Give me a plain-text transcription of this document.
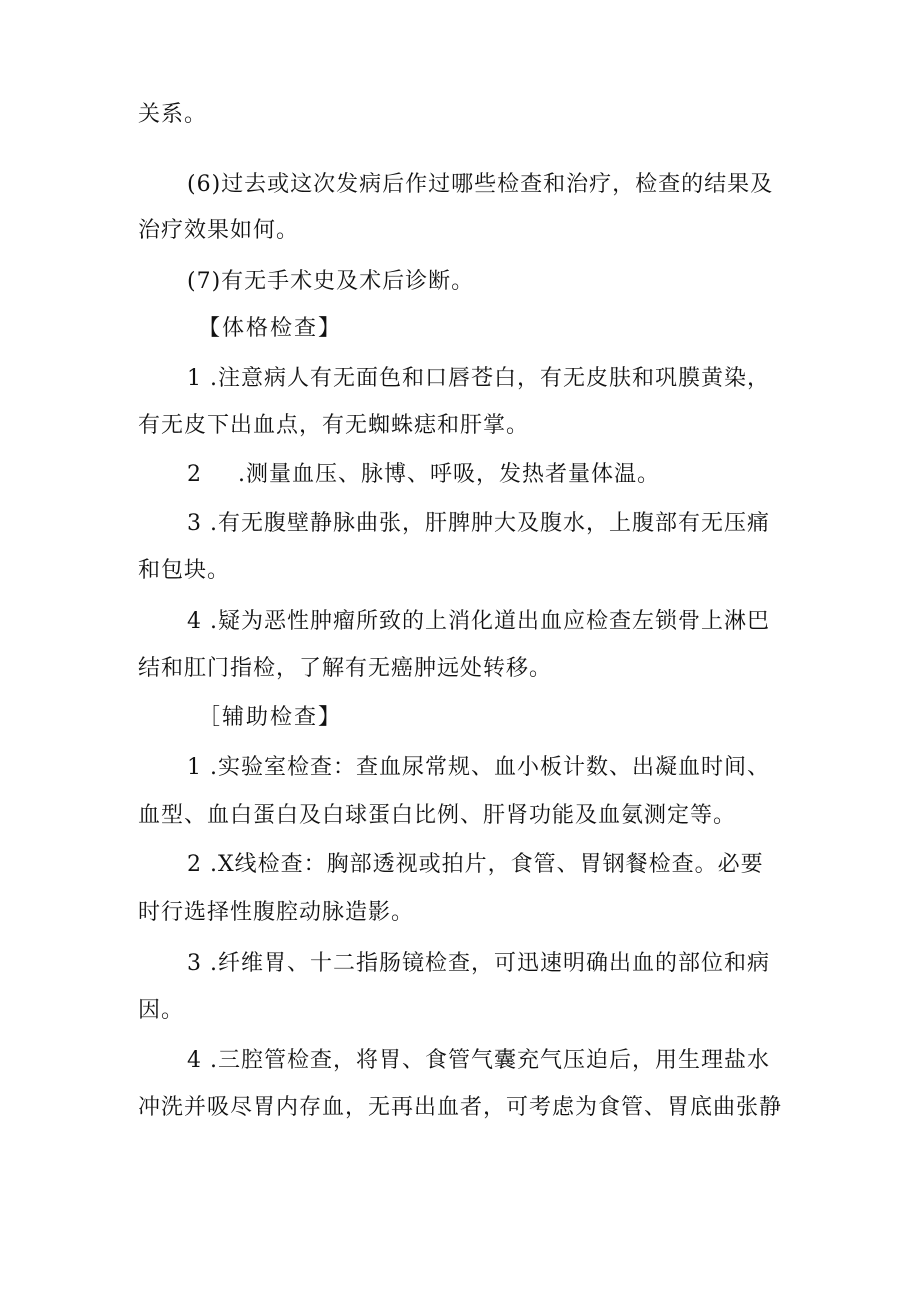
关系。
(6)过去或这次发病后作过哪些检查和治疗，检查的结果及
治疗效果如何。
(7)有无手术史及术后诊断。
【体格检查】
1 .注意病人有无面色和口唇苍白，有无皮肤和巩膜黄染，
有无皮下出血点，有无蜘蛛痣和肝掌。
2 .测量血压、脉博、呼吸，发热者量体温。
3 .有无腹壁静脉曲张，肝脾肿大及腹水，上腹部有无压痛
和包块。
4 .疑为恶性肿瘤所致的上消化道出血应检查左锁骨上淋巴
结和肛门指检，了解有无癌肿远处转移。
［辅助检查】
1 .实验室检查：查血尿常规、血小板计数、出凝血时间、
血型、血白蛋白及白球蛋白比例、肝肾功能及血氨测定等。
2 .X线检查：胸部透视或拍片，食管、胃钢餐检查。必要
时行选择性腹腔动脉造影。
3 .纤维胃、十二指肠镜检查，可迅速明确出血的部位和病
因。
4 .三腔管检查，将胃、食管气囊充气压迫后，用生理盐水
冲洗并吸尽胃内存血，无再出血者，可考虑为食管、胃底曲张静
